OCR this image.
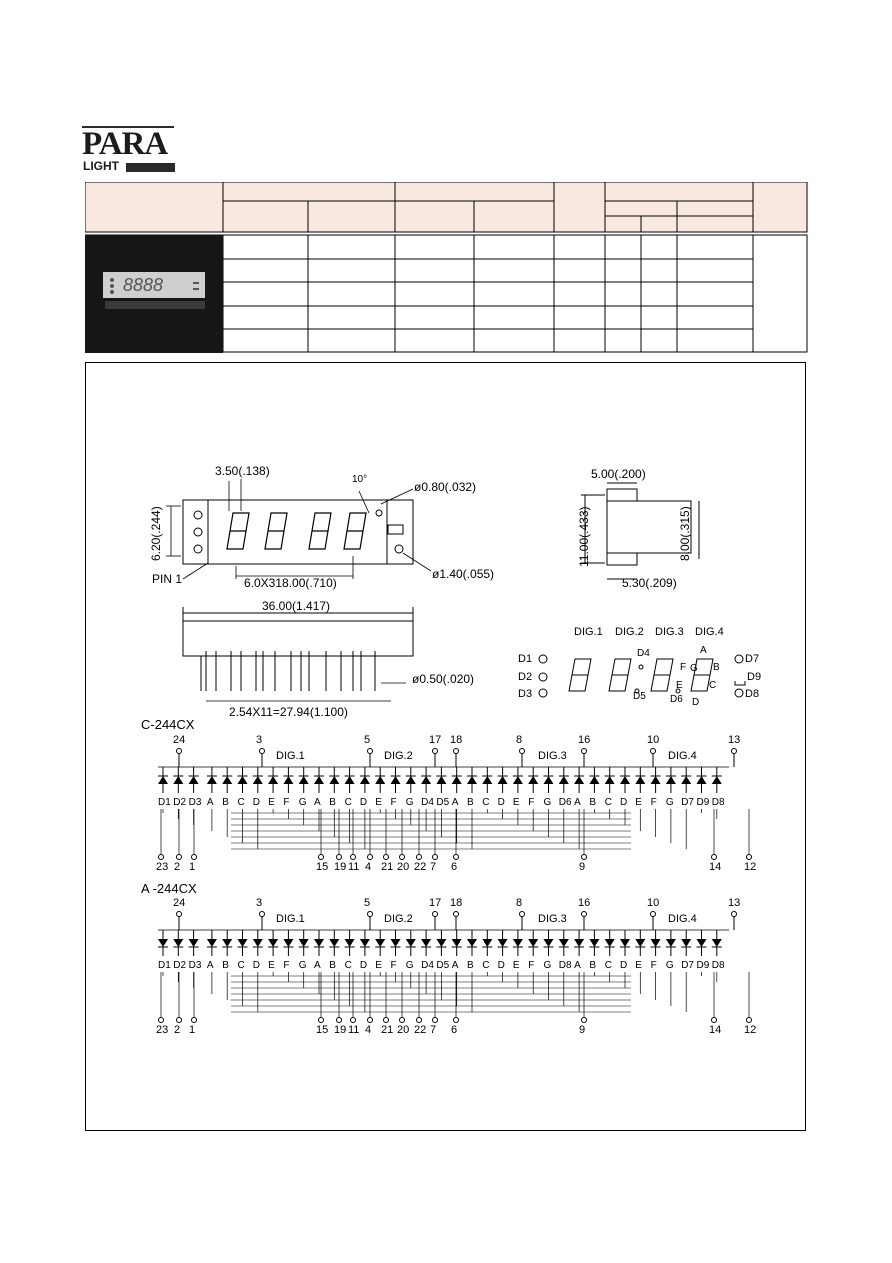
PARA
LIGHT
8888
D1 D2 D3 A B C D E F G A B C D E F G D4 D5 A B C D E F G D6 A B C D E F G D7 D9 D8
24	3	5	17 18	8	16	10	13
DIG.1	DIG.2	DIG.3	DIG.4
23 2 1	15 19 11 4 21 20 22 7 6	9	14 12
D1 D2 D3 A B C D E F G A B C D E F G D4 D5 A B C D E F G D8 A B C D E F G D7 D9 D8
24	3	5	17 18	8	16	10	13
DIG.1	DIG.2	DIG.3	DIG.4
23 2 1	15 19 11 4 21 20 22 7 6	9	14 12
3.50(.138)
10°
ø0.80(.032)
6.20(.244)
PIN 1	6.0X318.00(.710)
ø1.40(.055)
5.00(.200)
11.00(.433)	8.00(.315)
5.30(.209)
36.00(1.417)
ø0.50(.020)
2.54X11=27.94(1.100)
DIG.1 DIG.2 DIG.3 DIG.4
D1
D2
D3
D7
D9
D8
D4
D5 D6
A
B
C
D
E
F G
C-244CX
A -244CX
